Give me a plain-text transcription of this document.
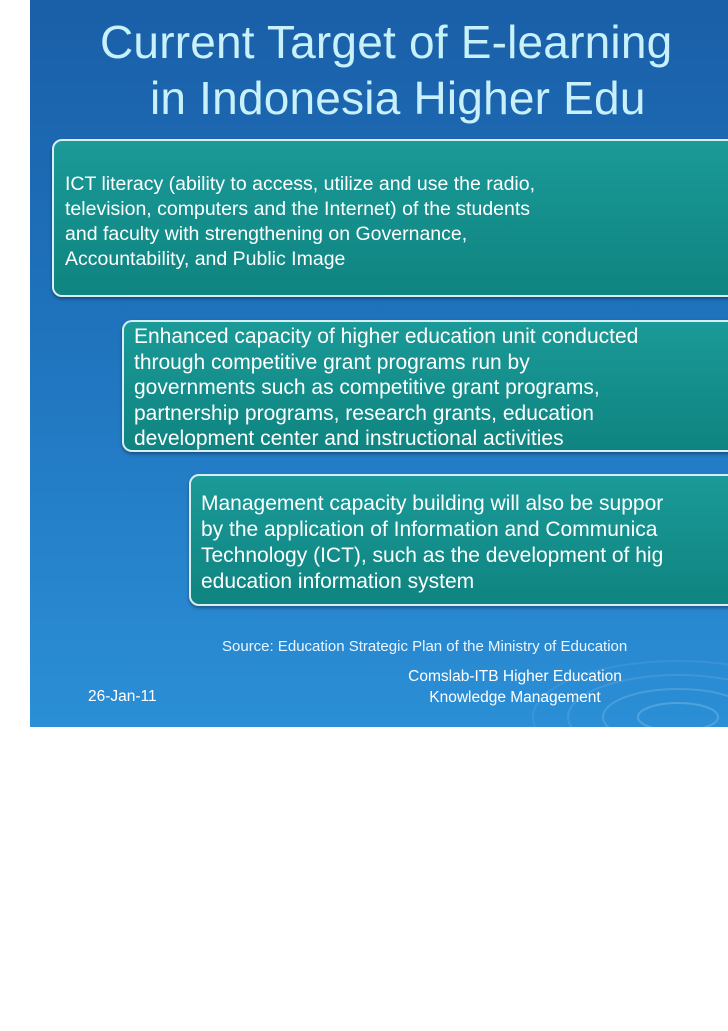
Current Target of E-learning
in Indonesia Higher Edu

ICT literacy (ability to access, utilize and use the radio,

television, computers and the Internet) of the students

and faculty with strengthening on Governance,

Accountability, and Public Image

Enhanced capacity of higher education unit conducted

through competitive grant programs run by

governments such as competitive grant programs,

partnership programs, research grants, education

development center and instructional activities

Management capacity building will also be suppor

by the application of Information and Communica

Technology (ICT), such as the development of hig

education information system

Source: Education Strategic Plan of the Ministry of Education
26-Jan-11
Comslab-ITB Higher Education
Knowledge Management
